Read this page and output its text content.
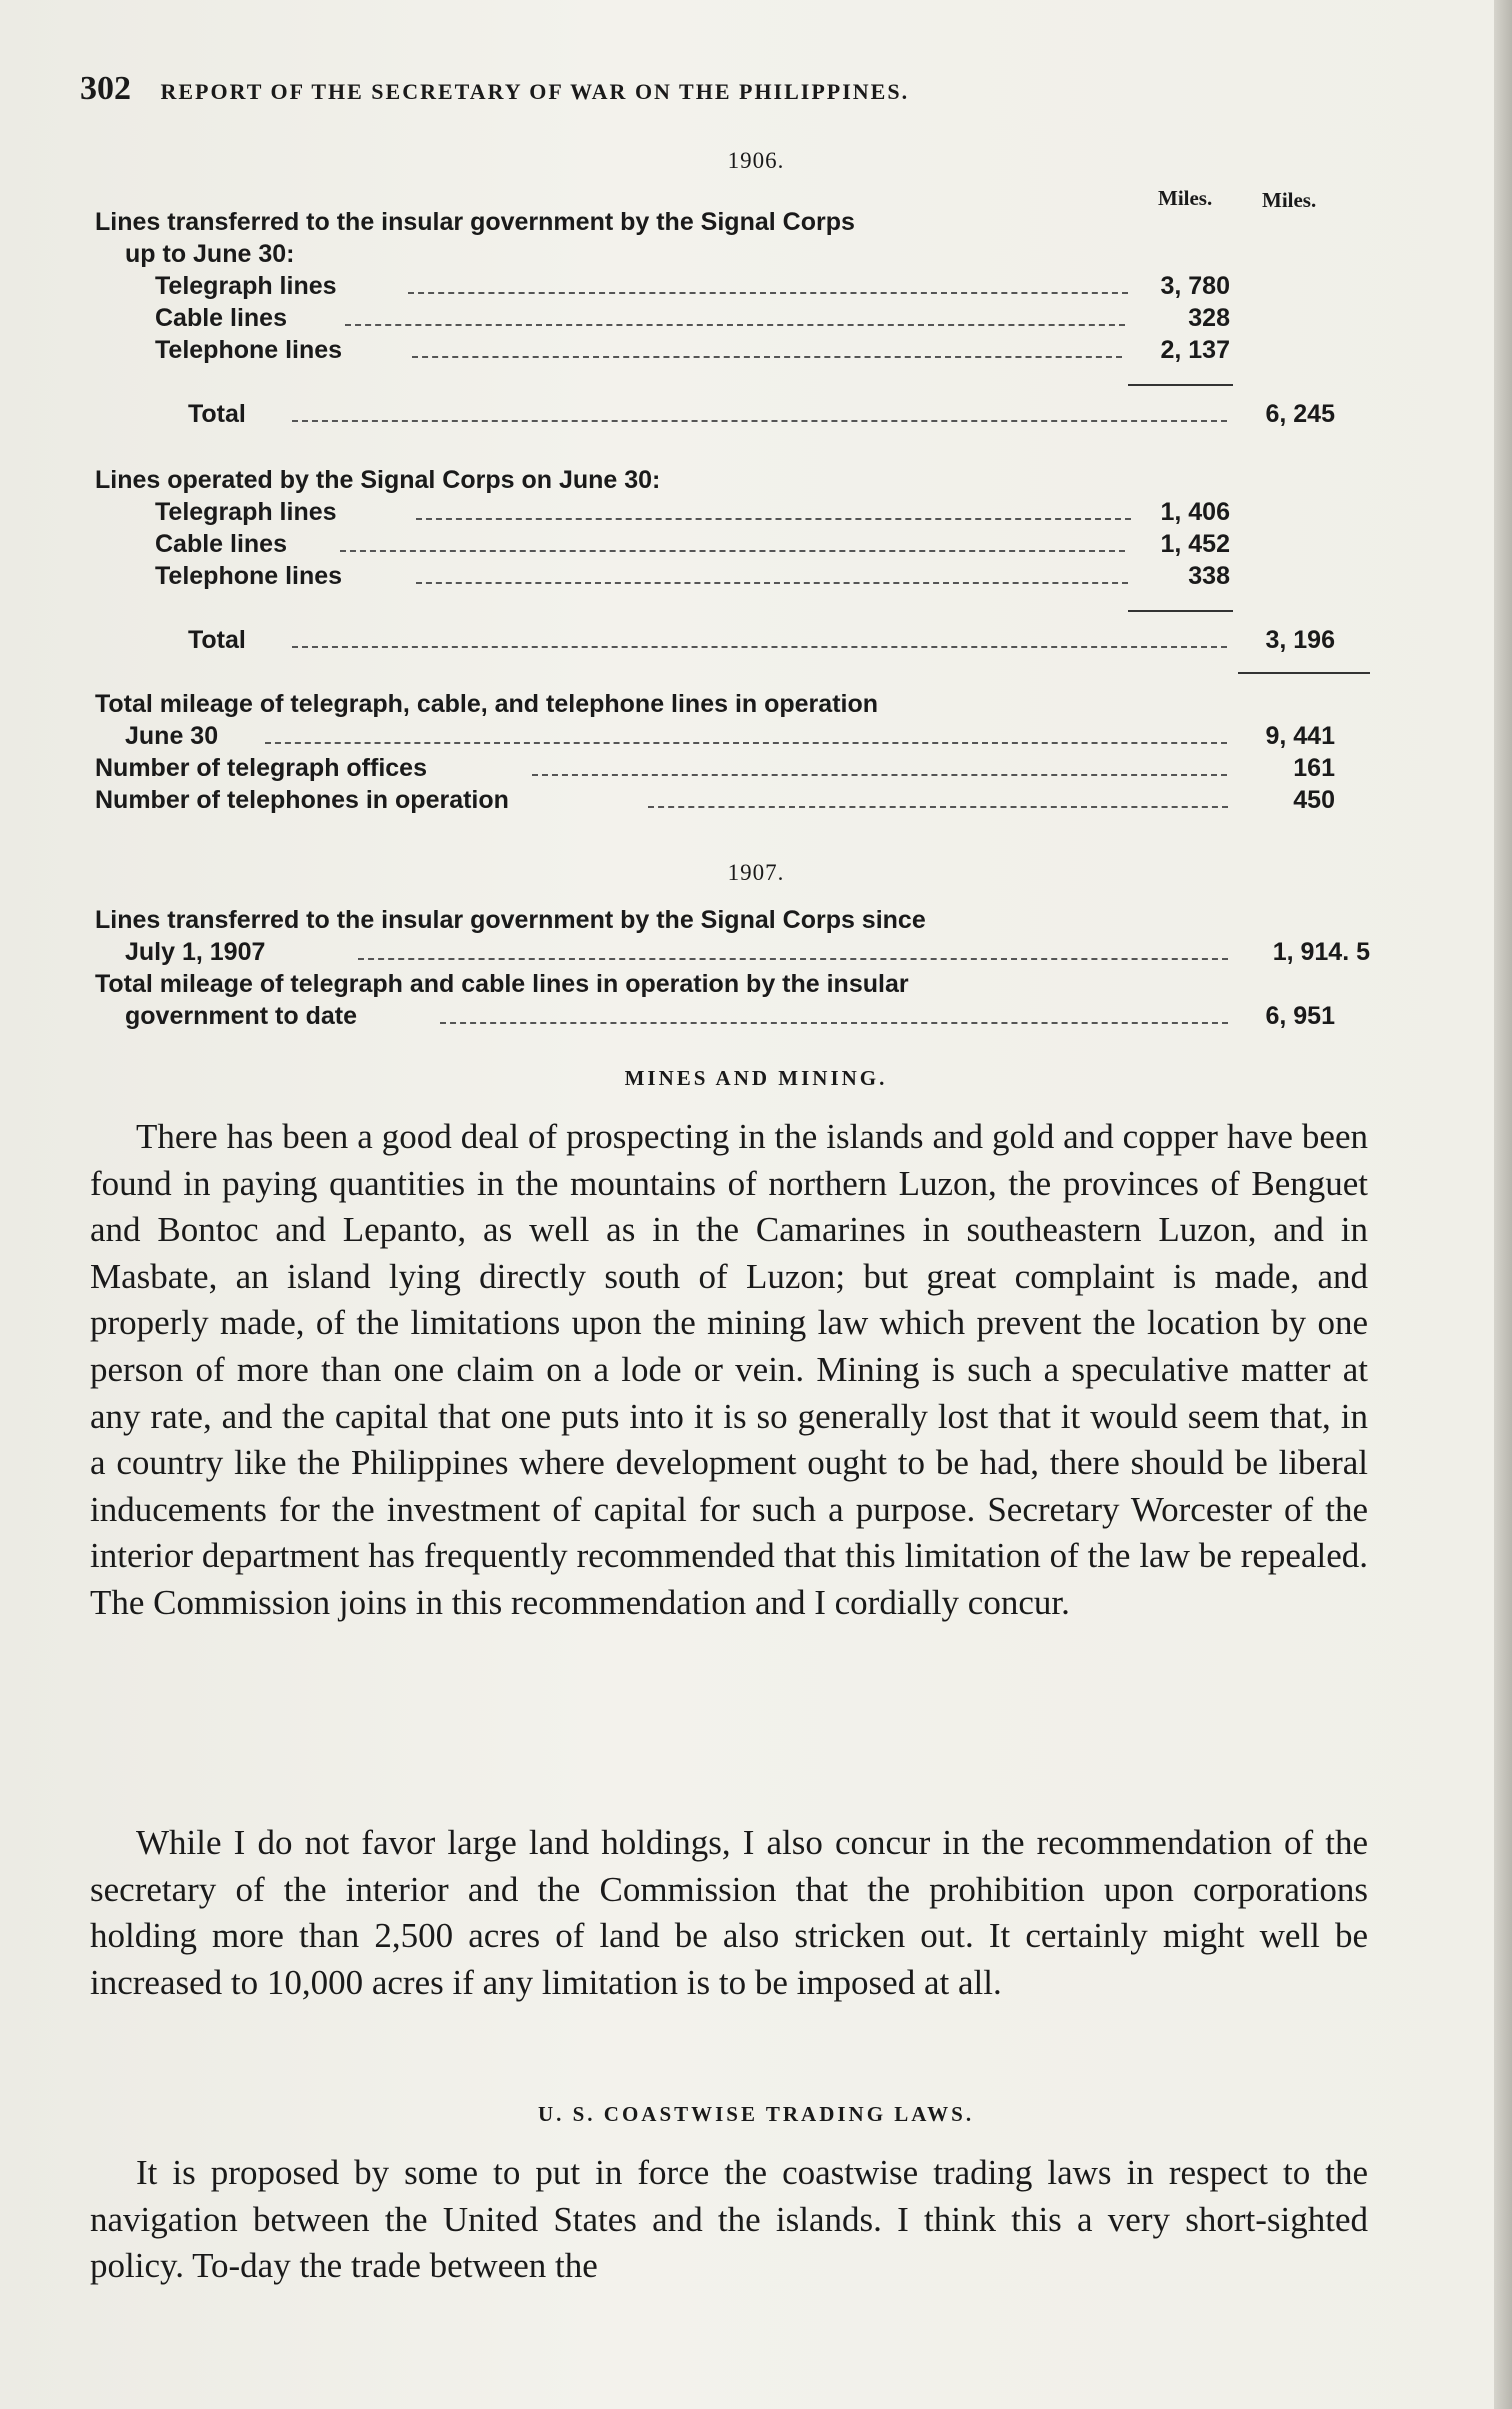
302 REPORT OF THE SECRETARY OF WAR ON THE PHILIPPINES.
1906.
Miles. Miles.
Lines transferred to the insular government by the Signal Corps
up to June 30:
Telegraph lines	3, 780
Cable lines	328
Telephone lines	2, 137
Total	6, 245
Lines operated by the Signal Corps on June 30:
Telegraph lines	1, 406
Cable lines	1, 452
Telephone lines	338
Total	3, 196
Total mileage of telegraph, cable, and telephone lines in operation
June 30	9, 441
Number of telegraph offices	161
Number of telephones in operation	450
1907.
Lines transferred to the insular government by the Signal Corps since
July 1, 1907	1, 914. 5
Total mileage of telegraph and cable lines in operation by the insular
government to date	6, 951
MINES AND MINING.

There has been a good deal of prospecting in the islands and gold and copper have been found in paying quantities in the mountains of northern Luzon, the provinces of Benguet and Bontoc and Lepanto, as well as in the Camarines in southeastern Luzon, and in Masbate, an island lying directly south of Luzon; but great complaint is made, and properly made, of the limitations upon the mining law which prevent the location by one person of more than one claim on a lode or vein. Mining is such a speculative matter at any rate, and the capital that one puts into it is so generally lost that it would seem that, in a country like the Philippines where development ought to be had, there should be liberal inducements for the investment of capital for such a purpose. Secretary Worcester of the interior department has frequently recommended that this limitation of the law be repealed. The Commission joins in this recommendation and I cordially concur.

While I do not favor large land holdings, I also concur in the recommendation of the secretary of the interior and the Commission that the prohibition upon corporations holding more than 2,500 acres of land be also stricken out. It certainly might well be increased to 10,000 acres if any limitation is to be imposed at all.

U. S. COASTWISE TRADING LAWS.

It is proposed by some to put in force the coastwise trading laws in respect to the navigation between the United States and the islands. I think this a very short-sighted policy. To-day the trade between the
